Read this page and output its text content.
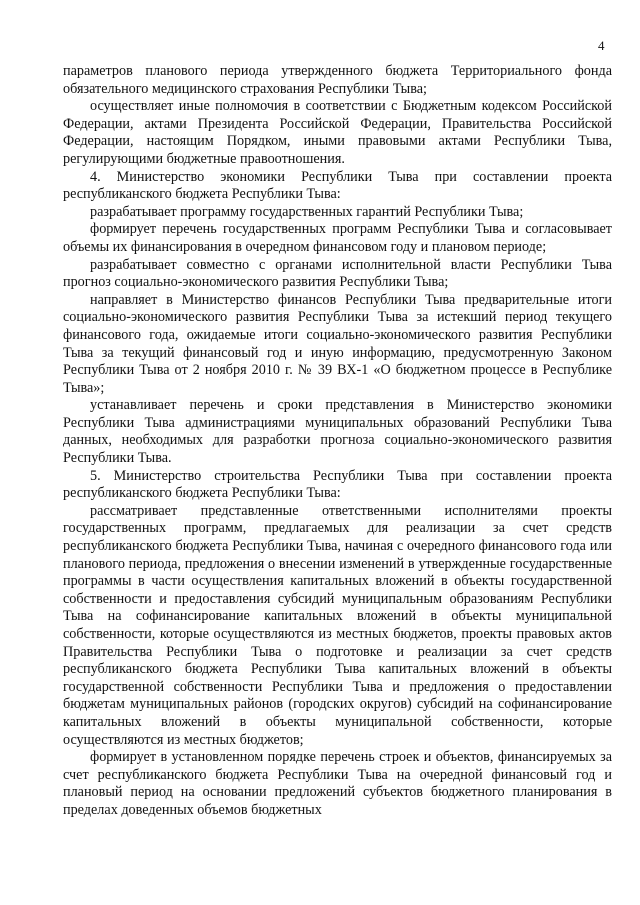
4

параметров планового периода утвержденного бюджета Территориального фонда обязательного медицинского страхования Республики Тыва;

осуществляет иные полномочия в соответствии с Бюджетным кодексом Российской Федерации, актами Президента Российской Федерации, Правительства Российской Федерации, настоящим Порядком, иными правовыми актами Республики Тыва, регулирующими бюджетные правоотношения.

4. Министерство экономики Республики Тыва при составлении проекта республиканского бюджета Республики Тыва:

разрабатывает программу государственных гарантий Республики Тыва;

формирует перечень государственных программ Республики Тыва и согласовывает объемы их финансирования в очередном финансовом году и плановом периоде;

разрабатывает совместно с органами исполнительной власти Республики Тыва прогноз социально-экономического развития Республики Тыва;

направляет в Министерство финансов Республики Тыва предварительные итоги социально-экономического развития Республики Тыва за истекший период текущего финансового года, ожидаемые итоги социально-экономического развития Республики Тыва за текущий финансовый год и иную информацию, предусмотренную Законом Республики Тыва от 2 ноября 2010 г. № 39 ВХ-1 «О бюджетном процессе в Республике Тыва»;

устанавливает перечень и сроки представления в Министерство экономики Республики Тыва администрациями муниципальных образований Республики Тыва данных, необходимых для разработки прогноза социально-экономического развития Республики Тыва.

5. Министерство строительства Республики Тыва при составлении проекта республиканского бюджета Республики Тыва:

рассматривает представленные ответственными исполнителями проекты государственных программ, предлагаемых для реализации за счет средств республиканского бюджета Республики Тыва, начиная с очередного финансового года или планового периода, предложения о внесении изменений в утвержденные государственные программы в части осуществления капитальных вложений в объекты государственной собственности и предоставления субсидий муниципальным образованиям Республики Тыва на софинансирование капитальных вложений в объекты муниципальной собственности, которые осуществляются из местных бюджетов, проекты правовых актов Правительства Республики Тыва о подготовке и реализации за счет средств республиканского бюджета Республики Тыва капитальных вложений в объекты государственной собственности Республики Тыва и предложения о предоставлении бюджетам муниципальных районов (городских округов) субсидий на софинансирование капитальных вложений в объекты муниципальной собственности, которые осуществляются из местных бюджетов;

формирует в установленном порядке перечень строек и объектов, финансируемых за счет республиканского бюджета Республики Тыва на очередной финансовый год и плановый период на основании предложений субъектов бюджетного планирования в пределах доведенных объемов бюджетных
